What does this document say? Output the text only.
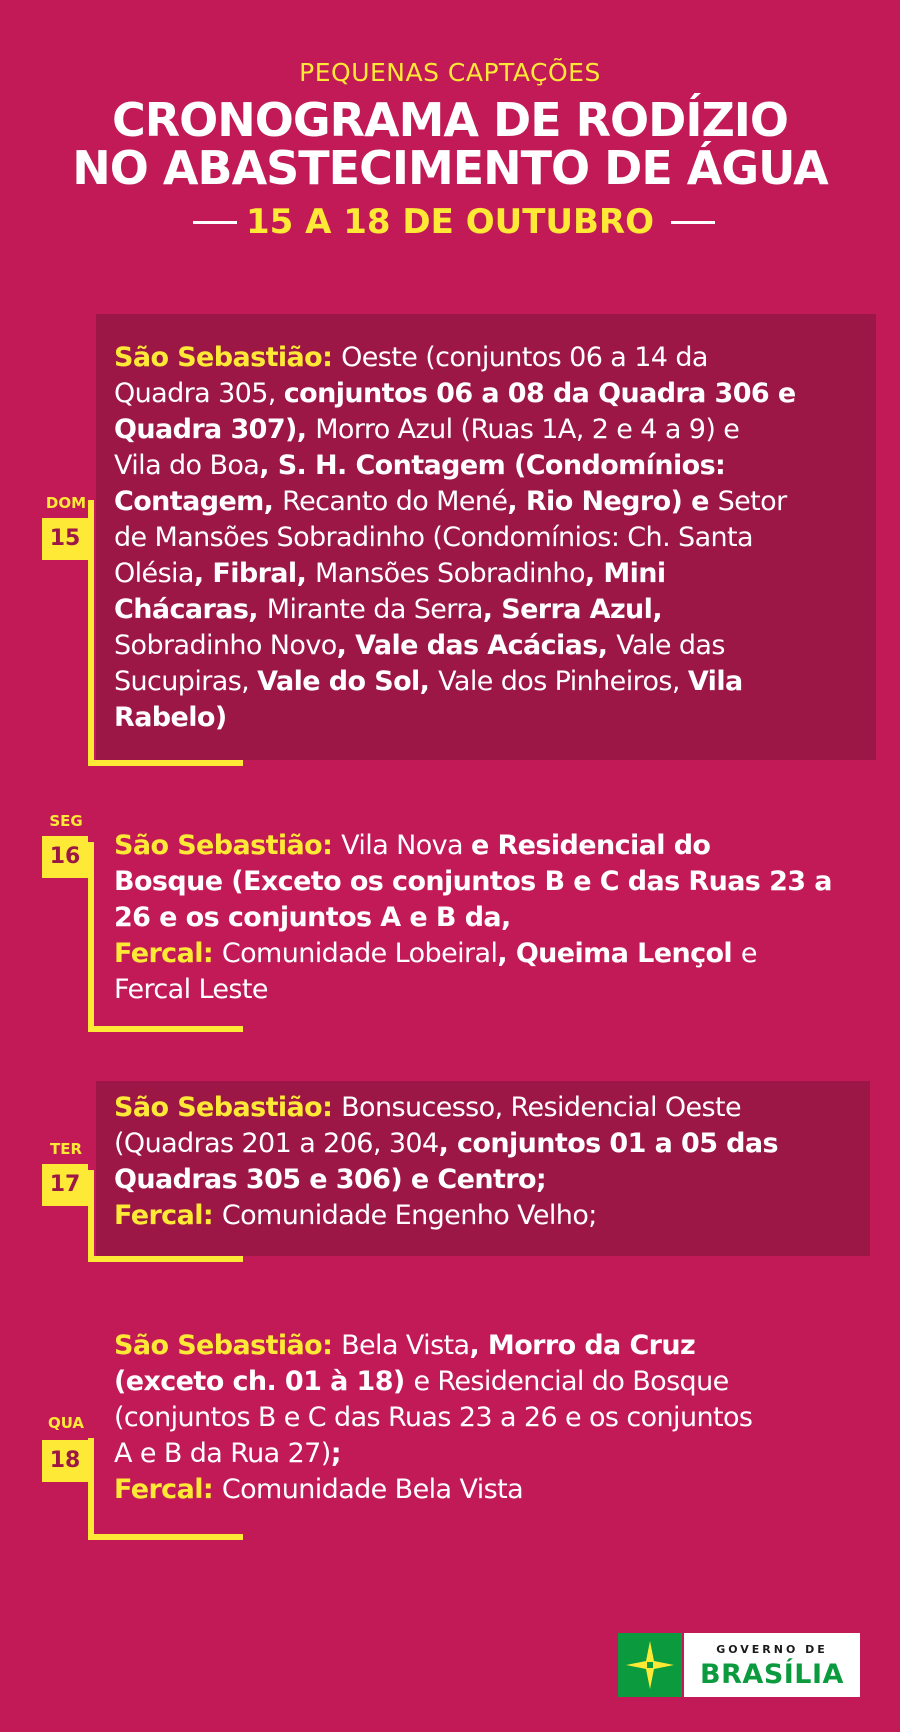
PEQUENAS CAPTAÇÕES
CRONOGRAMA DE RODÍZIO
NO ABASTECIMENTO DE ÁGUA
15 A 18 DE OUTUBRO
DOM
15
São Sebastião: Oeste (conjuntos 06 a 14 da
Quadra 305, conjuntos 06 a 08 da Quadra 306 e
Quadra 307), Morro Azul (Ruas 1A, 2 e 4 a 9) e
Vila do Boa, S. H. Contagem (Condomínios:
Contagem, Recanto do Mené, Rio Negro) e Setor
de Mansões Sobradinho (Condomínios: Ch. Santa
Olésia, Fibral, Mansões Sobradinho, Mini
Chácaras, Mirante da Serra, Serra Azul,
Sobradinho Novo, Vale das Acácias, Vale das
Sucupiras, Vale do Sol, Vale dos Pinheiros, Vila
Rabelo)
SEG
16 São Sebastião: Vila Nova e Residencial do
Bosque (Exceto os conjuntos B e C das Ruas 23 a
26 e os conjuntos A e B da,
Fercal: Comunidade Lobeiral, Queima Lençol e
Fercal Leste
TER
17
São Sebastião: Bonsucesso, Residencial Oeste
(Quadras 201 a 206, 304, conjuntos 01 a 05 das
Quadras 305 e 306) e Centro;
Fercal: Comunidade Engenho Velho;
QUA
18
São Sebastião: Bela Vista, Morro da Cruz
(exceto ch. 01 à 18) e Residencial do Bosque
(conjuntos B e C das Ruas 23 a 26 e os conjuntos
A e B da Rua 27);
Fercal: Comunidade Bela Vista
GOVERNO DE
BRASÍLIA
